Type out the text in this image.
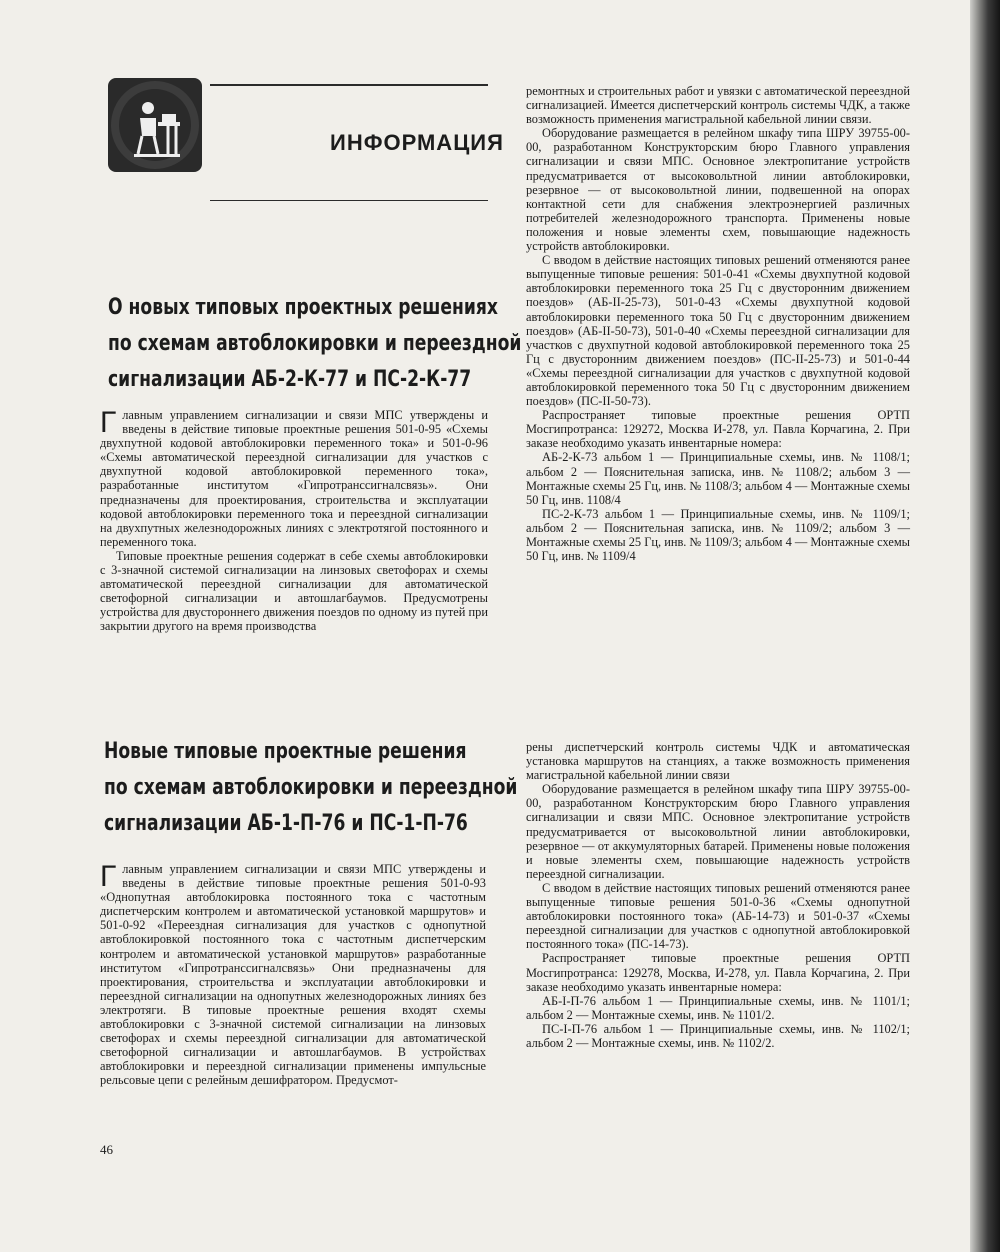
ИНФОРМАЦИЯ
О новых типовых проектных решениях
по схемам автоблокировки и переездной
сигнализации АБ-2-К-77 и ПС-2-К-77
Г лавным управлением сигнализации и связи МПС утверждены и введены в действие типовые проектные решения 501-0-95 «Схемы двухпутной кодовой автоблокировки переменного тока» и 501-0-96 «Схемы автоматической переездной сигнализации для участков с двухпутной кодовой автоблокировкой переменного тока», разработанные институтом «Гипротранссигналсвязь». Они предназначены для проектирования, строительства и эксплуатации кодовой автоблокировки переменного тока и переездной сигнализации на двухпутных железнодорожных линиях с электротягой постоянного и переменного тока.

Типовые проектные решения содержат в себе схемы автоблокировки с 3-значной системой сигнализации на линзовых светофорах и схемы автоматической переездной сигнализации для автоматической светофорной сигнализации и автошлагбаумов. Предусмотрены устройства для двустороннего движения поездов по одному из путей при закрытии другого на время производства

ремонтных и строительных работ и увязки с автоматической переездной сигнализацией. Имеется диспетчерский контроль системы ЧДК, а также возможность применения магистральной кабельной линии связи.

Оборудование размещается в релейном шкафу типа ШРУ 39755-00-00, разработанном Конструкторским бюро Главного управления сигнализации и связи МПС. Основное электропитание устройств предусматривается от высоковольтной линии автоблокировки, резервное — от высоковольтной линии, подвешенной на опорах контактной сети для снабжения электроэнергией различных потребителей железнодорожного транспорта. Применены новые положения и новые элементы схем, повышающие надежность устройств автоблокировки.

С вводом в действие настоящих типовых решений отменяются ранее выпущенные типовые решения: 501-0-41 «Схемы двухпутной кодовой автоблокировки переменного тока 25 Гц с двусторонним движением поездов» (АБ-II-25-73), 501-0-43 «Схемы двухпутной кодовой автоблокировки переменного тока 50 Гц с двусторонним движением поездов» (АБ-II-50-73), 501-0-40 «Схемы переездной сигнализации для участков с двухпутной кодовой автоблокировкой переменного тока 25 Гц с двусторонним движением поездов» (ПС-II-25-73) и 501-0-44 «Схемы переездной сигнализации для участков с двухпутной кодовой автоблокировкой переменного тока 50 Гц с двусторонним движением поездов» (ПС-II-50-73).

Распространяет типовые проектные решения ОРТП Мосгипротранса: 129272, Москва И-278, ул. Павла Корчагина, 2. При заказе необходимо указать инвентарные номера:

АБ-2-К-73 альбом 1 — Принципиальные схемы, инв. № 1108/1; альбом 2 — Пояснительная записка, инв. № 1108/2; альбом 3 — Монтажные схемы 25 Гц, инв. № 1108/3; альбом 4 — Монтажные схемы 50 Гц, инв. 1108/4

ПС-2-К-73 альбом 1 — Принципиальные схемы, инв. № 1109/1; альбом 2 — Пояснительная записка, инв. № 1109/2; альбом 3 — Монтажные схемы 25 Гц, инв. № 1109/3; альбом 4 — Монтажные схемы 50 Гц, инв. № 1109/4

Новые типовые проектные решения
по схемам автоблокировки и переездной
сигнализации АБ-1-П-76 и ПС-1-П-76
Г лавным управлением сигнализации и связи МПС утверждены и введены в действие типовые проектные решения 501-0-93 «Однопутная автоблокировка постоянного тока с частотным диспетчерским контролем и автоматической установкой маршрутов» и 501-0-92 «Переездная сигнализация для участков с однопутной автоблокировкой постоянного тока с частотным диспетчерским контролем и автоматической установкой маршрутов» разработанные институтом «Гипротранссигналсвязь» Они предназначены для проектирования, строительства и эксплуатации автоблокировки и переездной сигнализации на однопутных железнодорожных линиях без электротяги. В типовые проектные решения входят схемы автоблокировки с 3-значной системой сигнализации на линзовых светофорах и схемы переездной сигнализации для автоматической светофорной сигнализации и автошлагбаумов. В устройствах автоблокировки и переездной сигнализации применены импульсные рельсовые цепи с релейным дешифратором. Предусмот-

рены диспетчерский контроль системы ЧДК и автоматическая установка маршрутов на станциях, а также возможность применения магистральной кабельной линии связи

Оборудование размещается в релейном шкафу типа ШРУ 39755-00-00, разработанном Конструкторским бюро Главного управления сигнализации и связи МПС. Основное электропитание устройств предусматривается от высоковольтной линии автоблокировки, резервное — от аккумуляторных батарей. Применены новые положения и новые элементы схем, повышающие надежность устройств переездной сигнализации.

С вводом в действие настоящих типовых решений отменяются ранее выпущенные типовые решения 501-0-36 «Схемы однопутной автоблокировки постоянного тока» (АБ-14-73) и 501-0-37 «Схемы переездной сигнализации для участков с однопутной автоблокировкой постоянного тока» (ПС-14-73).

Распространяет типовые проектные решения ОРТП Мосгипротранса: 129278, Москва, И-278, ул. Павла Корчагина, 2. При заказе необходимо указать инвентарные номера:

АБ-I-П-76 альбом 1 — Принципиальные схемы, инв. № 1101/1; альбом 2 — Монтажные схемы, инв. № 1101/2.

ПС-I-П-76 альбом 1 — Принципиальные схемы, инв. № 1102/1; альбом 2 — Монтажные схемы, инв. № 1102/2.

46
